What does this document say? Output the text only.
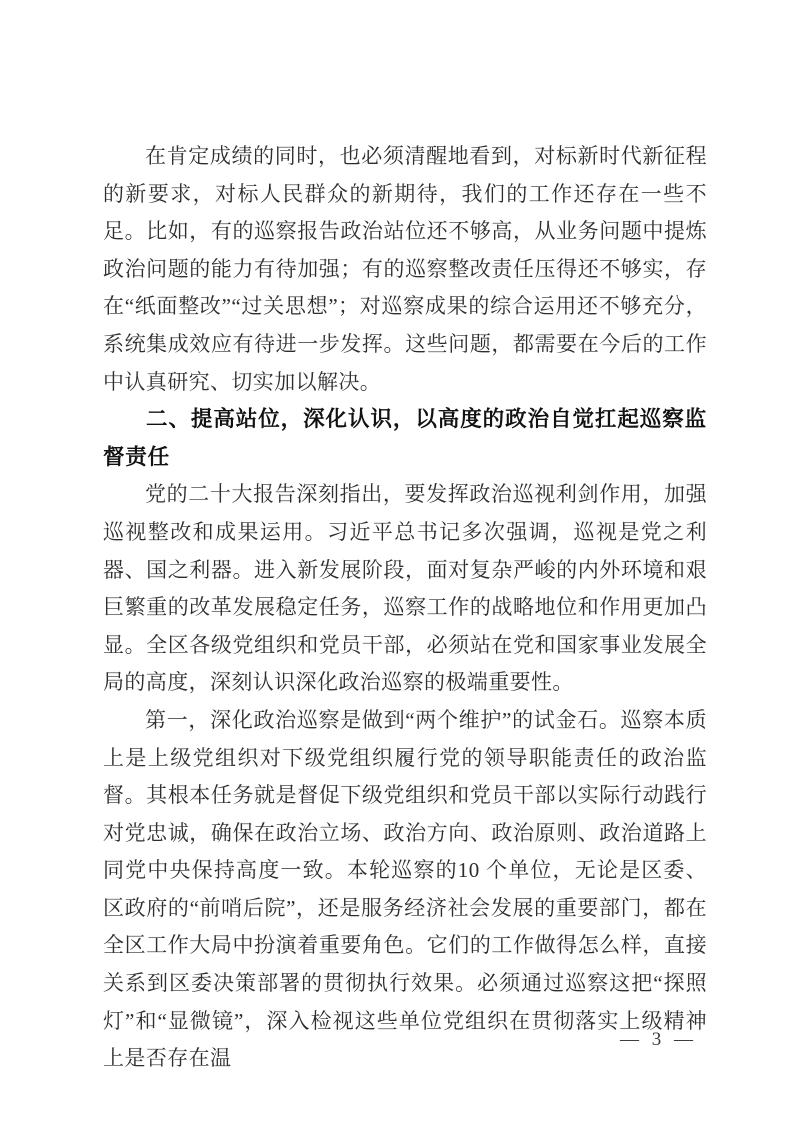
在肯定成绩的同时，也必须清醒地看到，对标新时代新征程的新要求，对标人民群众的新期待，我们的工作还存在一些不足。比如，有的巡察报告政治站位还不够高，从业务问题中提炼政治问题的能力有待加强；有的巡察整改责任压得还不够实，存在“纸面整改”“过关思想”；对巡察成果的综合运用还不够充分，系统集成效应有待进一步发挥。这些问题，都需要在今后的工作中认真研究、切实加以解决。

二、提高站位，深化认识，以高度的政治自觉扛起巡察监督责任

党的二十大报告深刻指出，要发挥政治巡视利剑作用，加强巡视整改和成果运用。习近平总书记多次强调，巡视是党之利器、国之利器。进入新发展阶段，面对复杂严峻的内外环境和艰巨繁重的改革发展稳定任务，巡察工作的战略地位和作用更加凸显。全区各级党组织和党员干部，必须站在党和国家事业发展全局的高度，深刻认识深化政治巡察的极端重要性。

第一，深化政治巡察是做到“两个维护”的试金石。巡察本质上是上级党组织对下级党组织履行党的领导职能责任的政治监督。其根本任务就是督促下级党组织和党员干部以实际行动践行对党忠诚，确保在政治立场、政治方向、政治原则、政治道路上同党中央保持高度一致。本轮巡察的10 个单位，无论是区委、区政府的“前哨后院”，还是服务经济社会发展的重要部门，都在全区工作大局中扮演着重要角色。它们的工作做得怎么样，直接关系到区委决策部署的贯彻执行效果。必须通过巡察这把“探照灯”和“显微镜”，深入检视这些单位党组织在贯彻落实上级精神上是否存在温

— 3 —
